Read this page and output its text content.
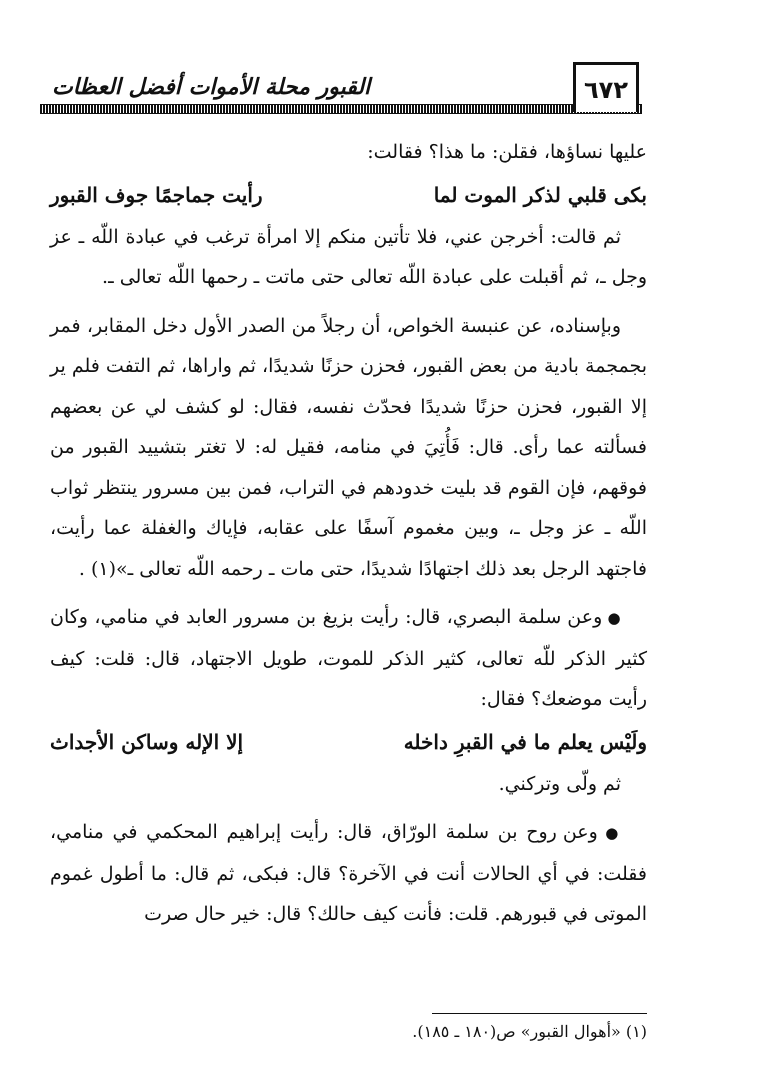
القبور محلة الأموات أفضل العظات	٦٧٢

عليها نساؤها، فقلن: ما هذا؟ فقالت:

بكى قلبي لذكر الموت لما
رأيت جماجمًا جوف القبور

ثم قالت: أخرجن عني، فلا تأتين منكم إلا امرأة ترغب في عبادة اللّه ـ عز وجل ـ، ثم أقبلت على عبادة اللّه تعالى حتى ماتت ـ رحمها اللّه تعالى ـ.

وبإسناده، عن عنبسة الخواص، أن رجلاً من الصدر الأول دخل المقابر، فمر بجمجمة بادية من بعض القبور، فحزن حزنًا شديدًا، ثم واراها، ثم التفت فلم ير إلا القبور، فحزن حزنًا شديدًا فحدّث نفسه، فقال: لو كشف لي عن بعضهم فسألته عما رأى. قال: فَأُتِيَ في منامه، فقيل له: لا تغتر بتشييد القبور من فوقهم، فإن القوم قد بليت خدودهم في التراب، فمن بين مسرور ينتظر ثواب اللّه ـ عز وجل ـ، وبين مغموم آسفًا على عقابه، فإياك والغفلة عما رأيت، فاجتهد الرجل بعد ذلك اجتهادًا شديدًا، حتى مات ـ رحمه اللّه تعالى ـ»(١) .

● وعن سلمة البصري، قال: رأيت بزيغ بن مسرور العابد في منامي، وكان كثير الذكر للّه تعالى، كثير الذكر للموت، طويل الاجتهاد، قال: قلت: كيف رأيت موضعك؟ فقال:

ولَيْس يعلم ما في القبرِ داخله
إلا الإله وساكن الأجداث

ثم ولّى وتركني.

● وعن روح بن سلمة الورّاق، قال: رأيت إبراهيم المحكمي في منامي، فقلت: في أي الحالات أنت في الآخرة؟ قال: فبكى، ثم قال: ما أطول غموم الموتى في قبورهم. قلت: فأنت كيف حالك؟ قال: خير حال صرت

(١) «أهوال القبور» ص(١٨٠ ـ ١٨٥).
